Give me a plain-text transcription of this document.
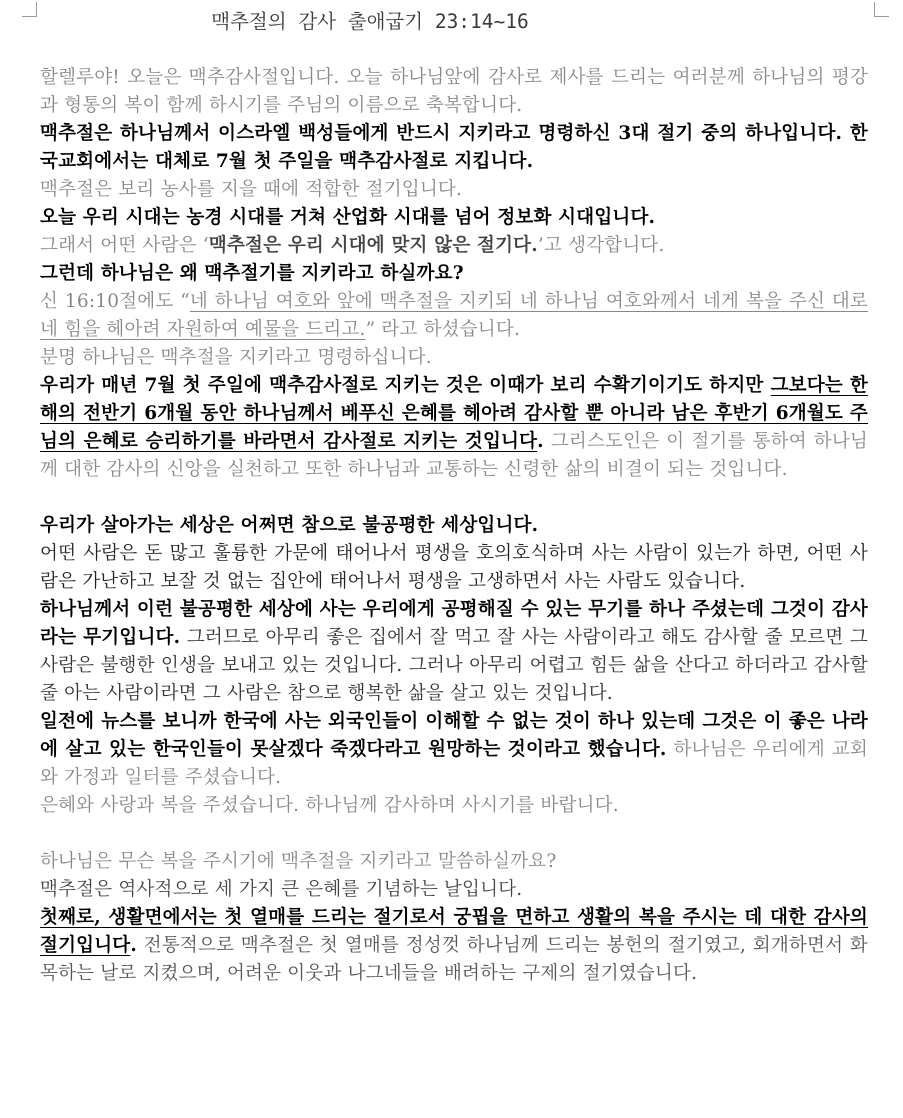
맥추절의 감사 출애굽기 23:14~16

할렐루야! 오늘은 맥추감사절입니다. 오늘 하나님앞에 감사로 제사를 드리는 여러분께 하나님의 평강과 형통의 복이 함께 하시기를 주님의 이름으로 축복합니다.

맥추절은 하나님께서 이스라엘 백성들에게 반드시 지키라고 명령하신 3대 절기 중의 하나입니다. 한국교회에서는 대체로 7월 첫 주일을 맥추감사절로 지킵니다.

맥추절은 보리 농사를 지을 때에 적합한 절기입니다.

오늘 우리 시대는 농경 시대를 거쳐 산업화 시대를 넘어 정보화 시대입니다.

그래서 어떤 사람은 ‘맥추절은 우리 시대에 맞지 않은 절기다.’고 생각합니다.

그런데 하나님은 왜 맥추절기를 지키라고 하실까요?

신 16:10절에도 “네 하나님 여호와 앞에 맥추절을 지키되 네 하나님 여호와께서 네게 복을 주신 대로 네 힘을 헤아려 자원하여 예물을 드리고.” 라고 하셨습니다.

분명 하나님은 맥추절을 지키라고 명령하십니다.

우리가 매년 7월 첫 주일에 맥추감사절로 지키는 것은 이때가 보리 수확기이기도 하지만 그보다는 한 해의 전반기 6개월 동안 하나님께서 베푸신 은혜를 헤아려 감사할 뿐 아니라 남은 후반기 6개월도 주님의 은혜로 승리하기를 바라면서 감사절로 지키는 것입니다. 그리스도인은 이 절기를 통하여 하나님께 대한 감사의 신앙을 실천하고 또한 하나님과 교통하는 신령한 삶의 비결이 되는 것입니다.

우리가 살아가는 세상은 어쩌면 참으로 불공평한 세상입니다.

어떤 사람은 돈 많고 훌륭한 가문에 태어나서 평생을 호의호식하며 사는 사람이 있는가 하면, 어떤 사람은 가난하고 보잘 것 없는 집안에 태어나서 평생을 고생하면서 사는 사람도 있습니다.

하나님께서 이런 불공평한 세상에 사는 우리에게 공평해질 수 있는 무기를 하나 주셨는데 그것이 감사라는 무기입니다. 그러므로 아무리 좋은 집에서 잘 먹고 잘 사는 사람이라고 해도 감사할 줄 모르면 그 사람은 불행한 인생을 보내고 있는 것입니다. 그러나 아무리 어렵고 힘든 삶을 산다고 하더라고 감사할 줄 아는 사람이라면 그 사람은 참으로 행복한 삶을 살고 있는 것입니다.

일전에 뉴스를 보니까 한국에 사는 외국인들이 이해할 수 없는 것이 하나 있는데 그것은 이 좋은 나라에 살고 있는 한국인들이 못살겠다 죽겠다라고 원망하는 것이라고 했습니다. 하나님은 우리에게 교회와 가정과 일터를 주셨습니다.

은혜와 사랑과 복을 주셨습니다. 하나님께 감사하며 사시기를 바랍니다.

하나님은 무슨 복을 주시기에 맥추절을 지키라고 말씀하실까요?

맥추절은 역사적으로 세 가지 큰 은혜를 기념하는 날입니다.

첫째로, 생활면에서는 첫 열매를 드리는 절기로서 궁핍을 면하고 생활의 복을 주시는 데 대한 감사의 절기입니다. 전통적으로 맥추절은 첫 열매를 정성껏 하나님께 드리는 봉헌의 절기였고, 회개하면서 화목하는 날로 지켰으며, 어려운 이웃과 나그네들을 배려하는 구제의 절기였습니다.
